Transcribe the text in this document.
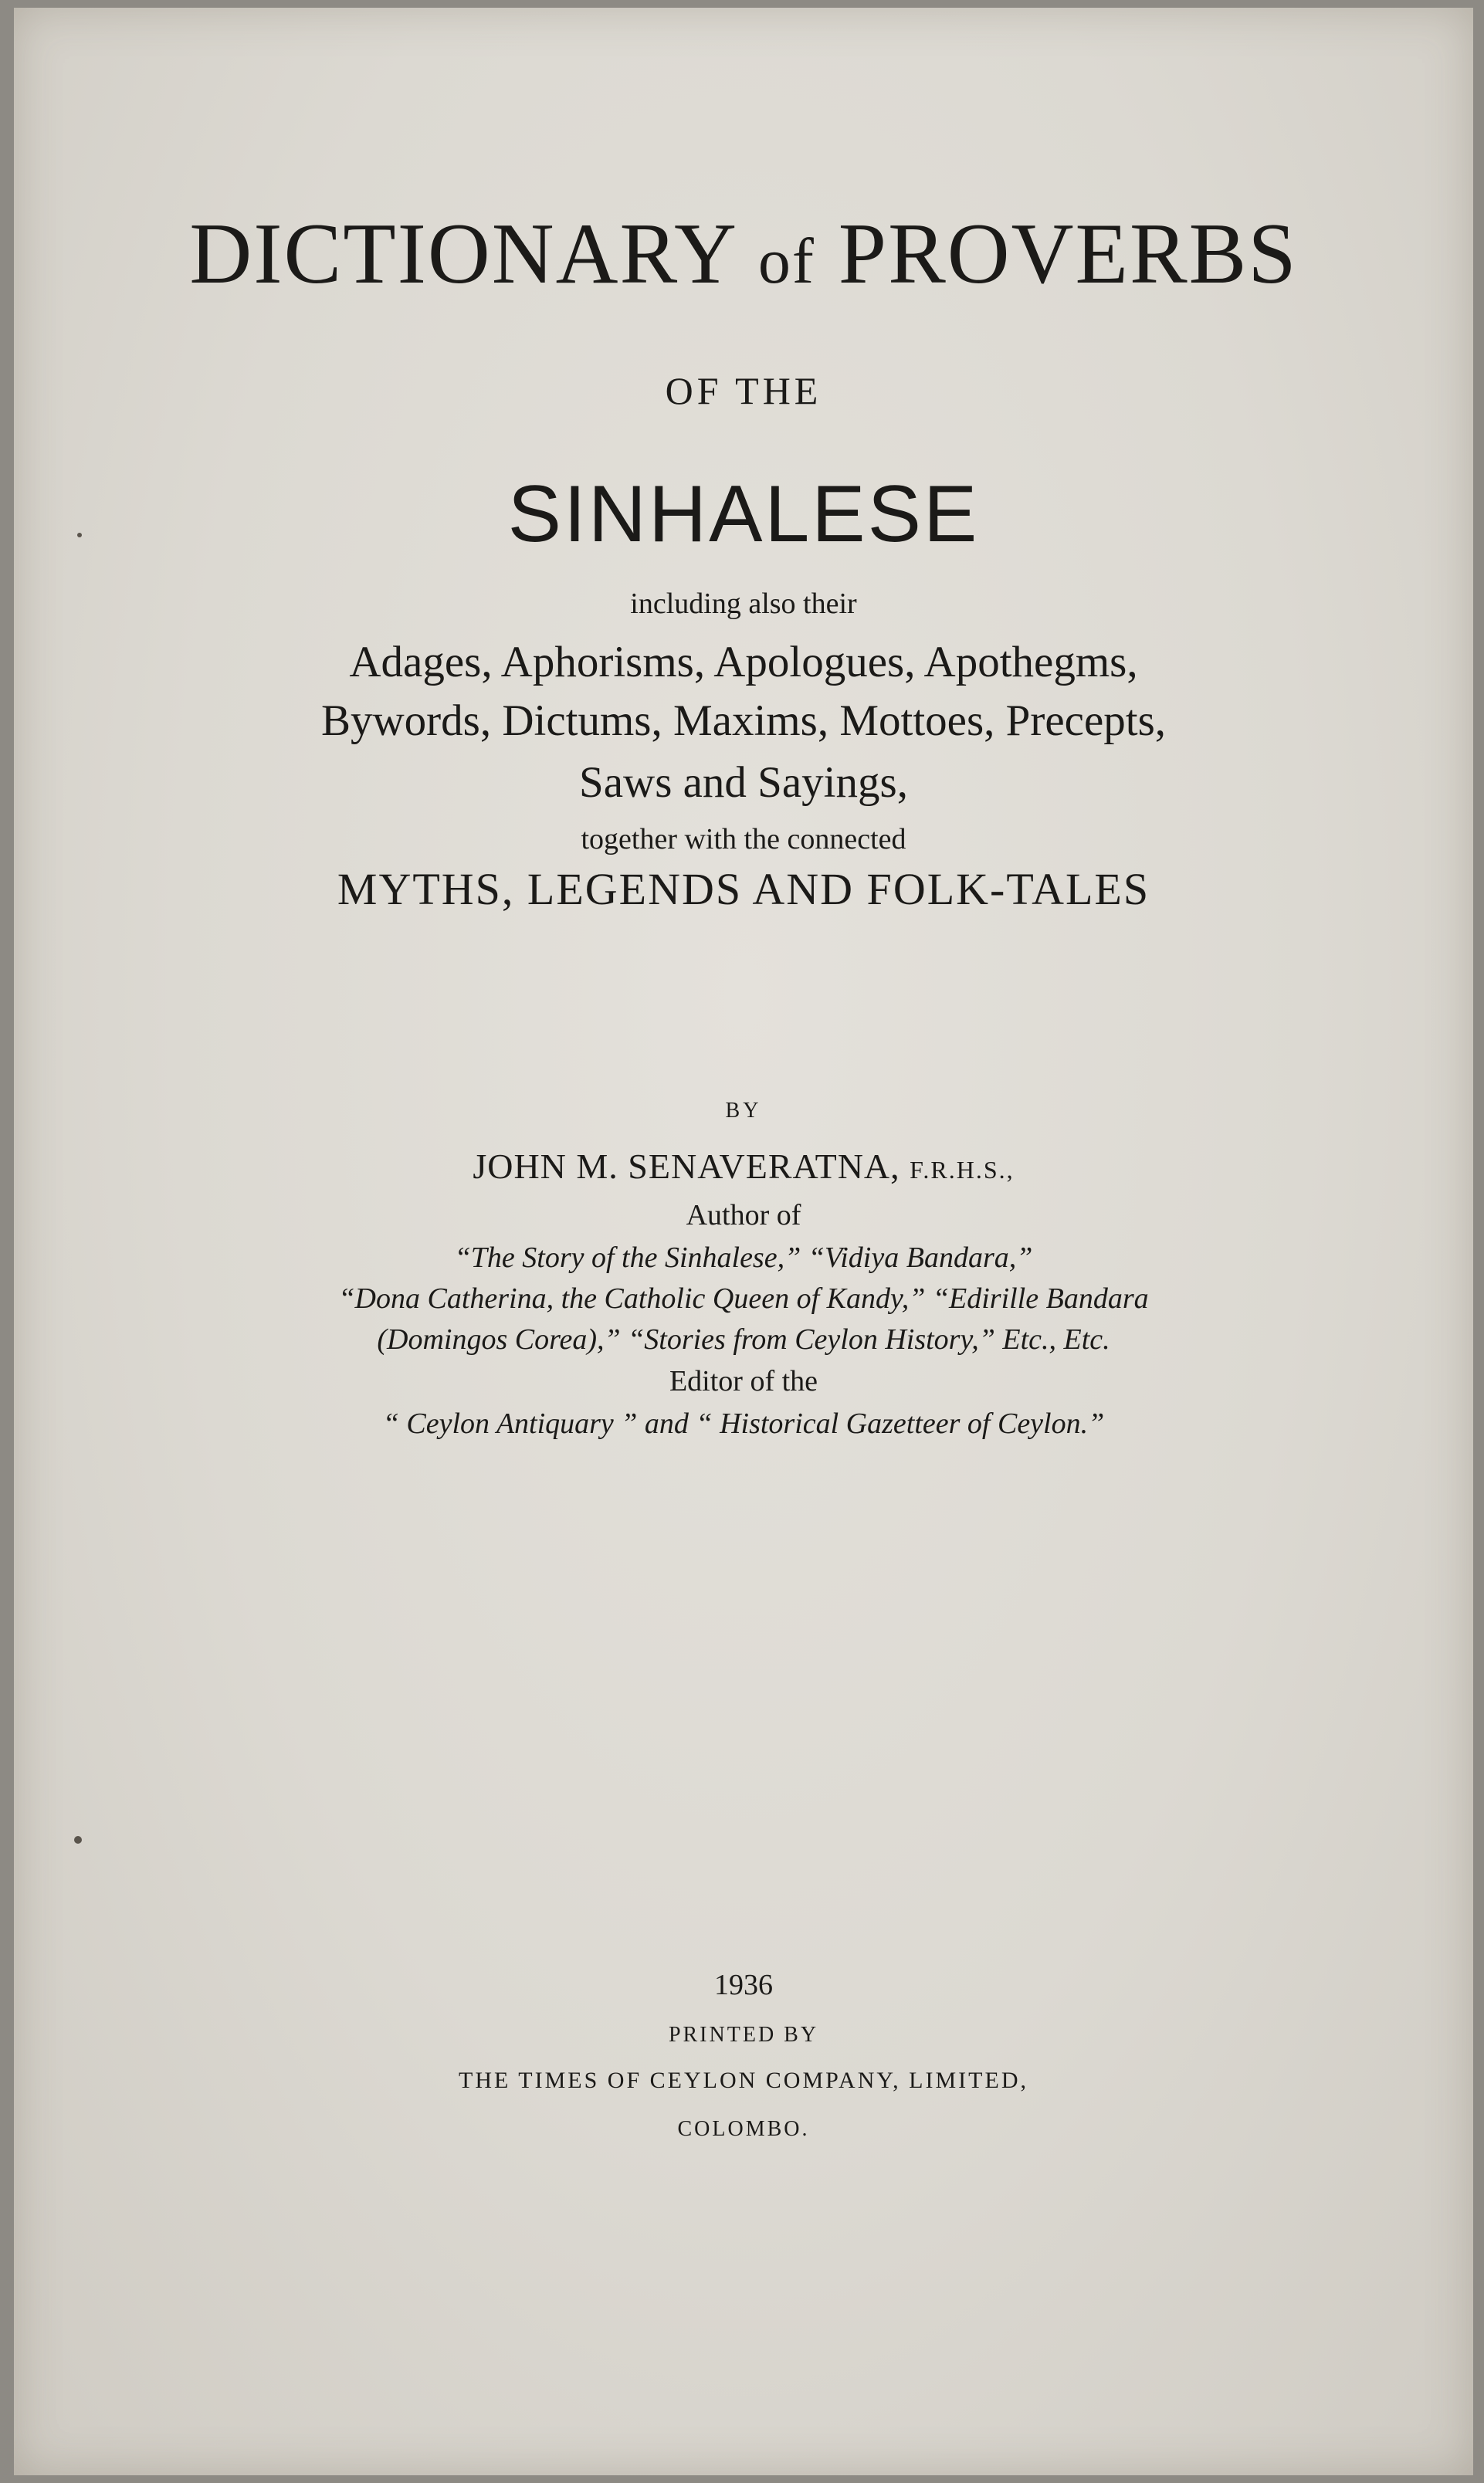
DICTIONARY of PROVERBS
OF THE
SINHALESE
including also their
Adages, Aphorisms, Apologues, Apothegms,
Bywords, Dictums, Maxims, Mottoes, Precepts,
Saws and Sayings,
together with the connected
MYTHS, LEGENDS AND FOLK-TALES
BY
JOHN M. SENAVERATNA, F.R.H.S.,
Author of
“The Story of the Sinhalese,” “Vidiya Bandara,”
“Dona Catherina, the Catholic Queen of Kandy,” “Edirille Bandara
(Domingos Corea),” “Stories from Ceylon History,” Etc., Etc.
Editor of the
“ Ceylon Antiquary ” and “ Historical Gazetteer of Ceylon.”
1936
PRINTED BY
THE TIMES OF CEYLON COMPANY, LIMITED,
COLOMBO.
